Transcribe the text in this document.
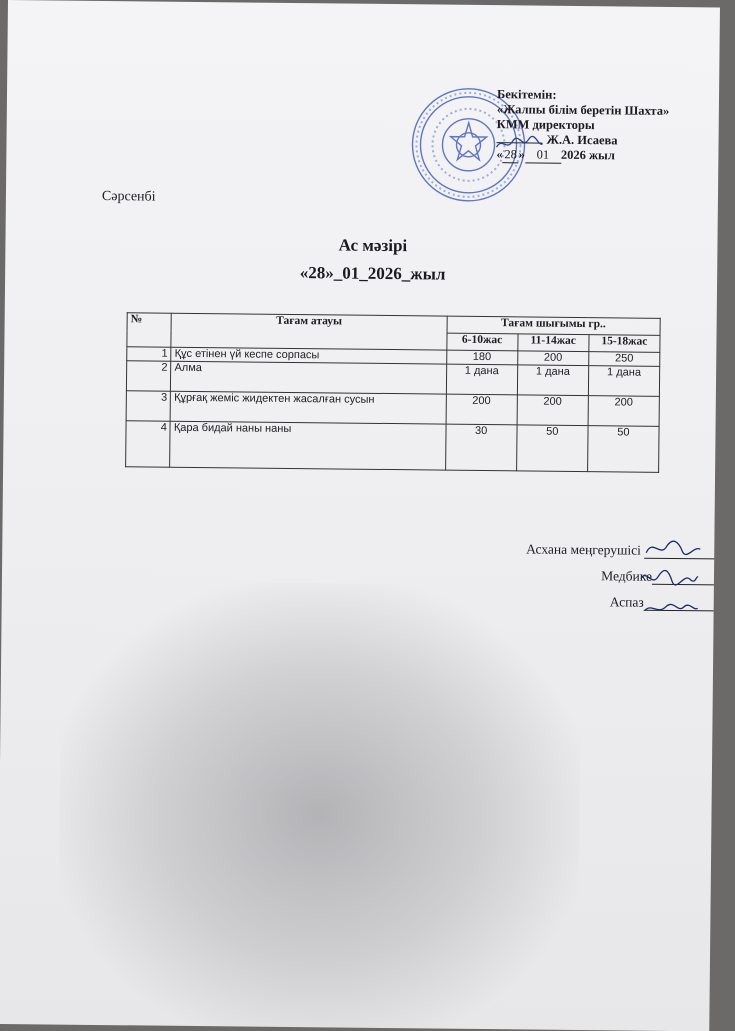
Бекітемін:
«Жалпы білім беретін Шахта»
КММ директоры
Ж.А. Исаева
« 28 » 01 2026 жыл
Сәрсенбі
Ас мәзірі
«28»_01_2026_жыл
№	Тағам атауы	Тағам шығымы гр..		
		6-10жас	11-14жас	15-18жас
1	Құс етінен үй кеспе сорпасы	180	200	250
2	Алма	1 дана	1 дана	1 дана
3	Құрғақ жеміс жидектен жасалған сусын	200	200	200
4	Қара бидай наны наны	30	50	50
Асхана меңгерушісі
Медбике
Аспаз
